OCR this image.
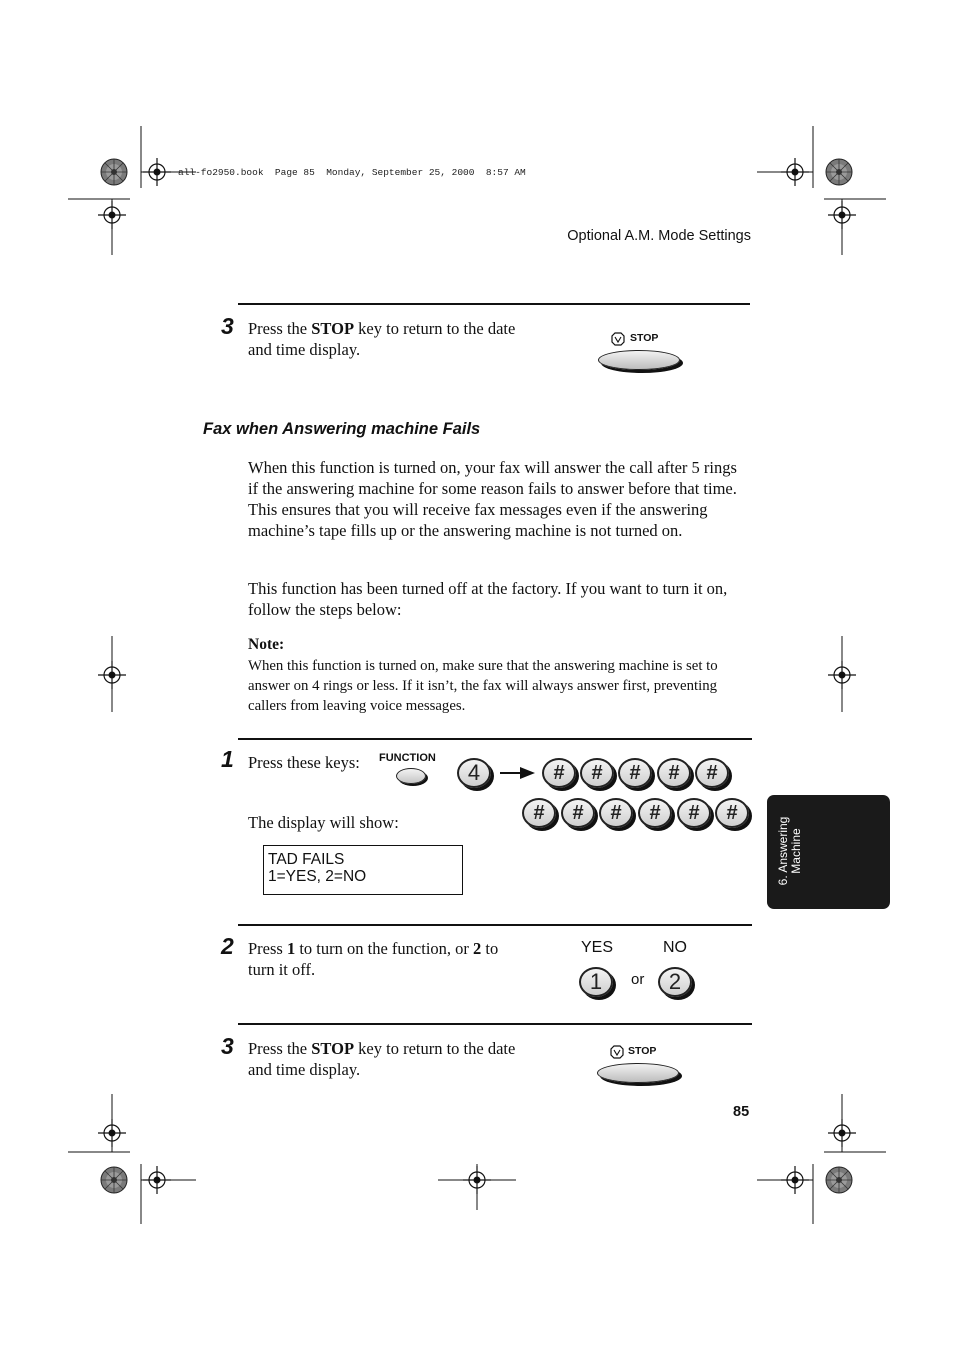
all-fo2950.book  Page 85  Monday, September 25, 2000  8:57 AM
Optional A.M. Mode Settings
3 Press the STOP key to return to the date and time display.
STOP
Fax when Answering machine Fails
When this function is turned on, your fax will answer the call after 5 rings if the answering machine for some reason fails to answer before that time. This ensures that you will receive fax messages even if the answering machine’s tape fills up or the answering machine is not turned on.
This function has been turned off at the factory. If you want to turn it on, follow the steps below:
Note:
When this function is turned on, make sure that the answering machine is set to answer on 4 rings or less. If it isn’t, the fax will always answer first, preventing callers from leaving voice messages.
1 Press these keys: FUNCTION
4	#	#	#	#	#
#	#	#	#	#	#
The display will show:
TAD FAILS
1=YES, 2=NO	6. Answering
Machine
2 Press 1 to turn on the function, or 2 to turn it off.
YES	NO
1	or	2
3 Press the STOP key to return to the date and time display.
STOP
85
